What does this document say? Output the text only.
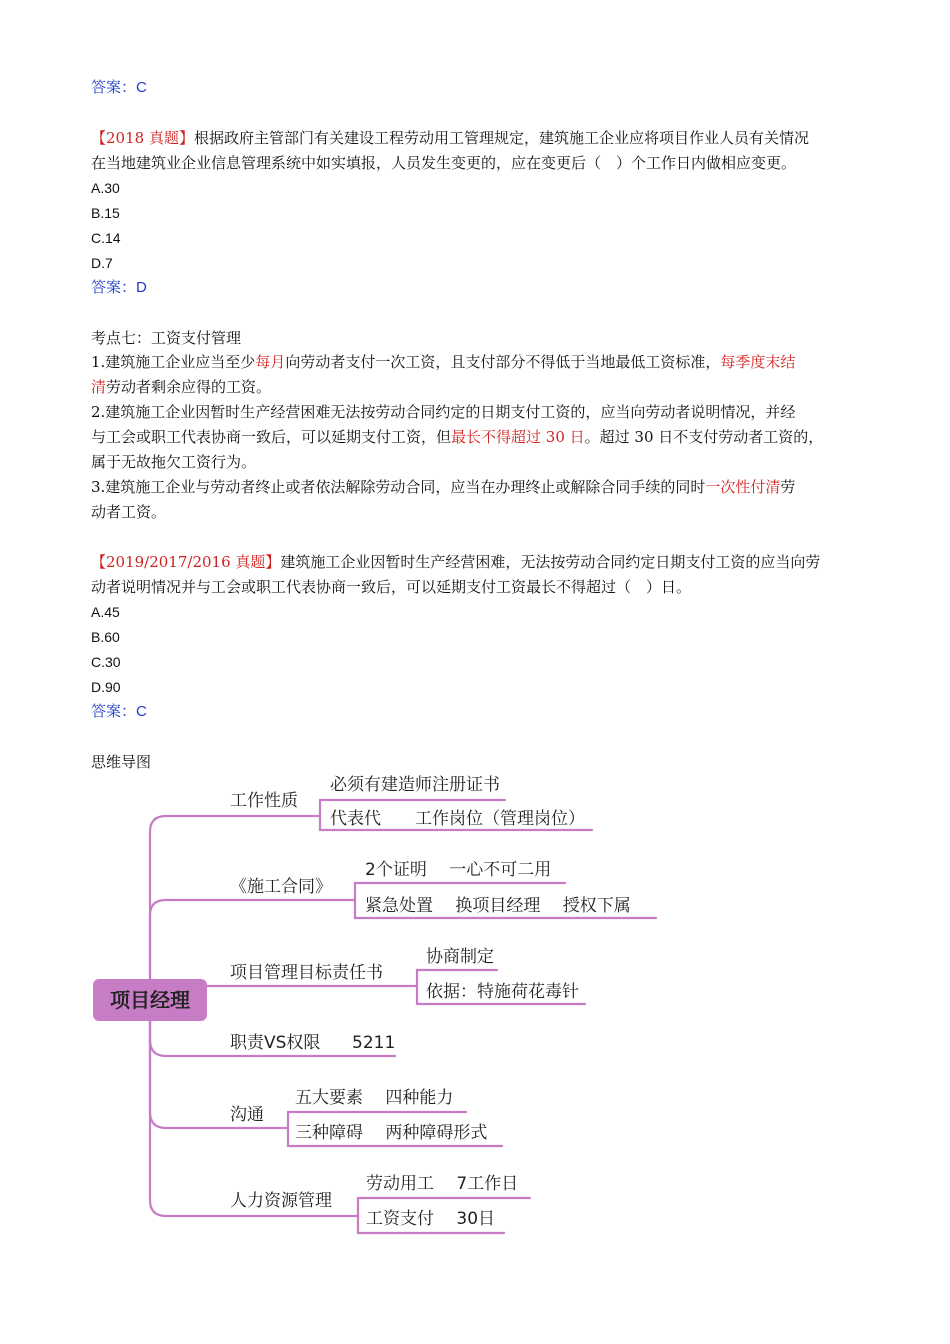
答案：C
【2018 真题】根据政府主管部门有关建设工程劳动用工管理规定，建筑施工企业应将项目作业人员有关情况
在当地建筑业企业信息管理系统中如实填报，人员发生变更的，应在变更后（　）个工作日内做相应变更。
A.30
B.15
C.14
D.7
答案：D
考点七：工资支付管理
1.建筑施工企业应当至少每月向劳动者支付一次工资，且支付部分不得低于当地最低工资标准，每季度末结
清劳动者剩余应得的工资。
2.建筑施工企业因暂时生产经营困难无法按劳动合同约定的日期支付工资的，应当向劳动者说明情况，并经
与工会或职工代表协商一致后，可以延期支付工资，但最长不得超过 30 日。超过 30 日不支付劳动者工资的，
属于无故拖欠工资行为。
3.建筑施工企业与劳动者终止或者依法解除劳动合同，应当在办理终止或解除合同手续的同时一次性付清劳
动者工资。
【2019/2017/2016 真题】建筑施工企业因暂时生产经营困难，无法按劳动合同约定日期支付工资的应当向劳
动者说明情况并与工会或职工代表协商一致后，可以延期支付工资最长不得超过（　）日。
A.45
B.60
C.30
D.90
答案：C
思维导图
项目经理
工作性质
必须有建造师注册证书
代表代　　工作岗位（管理岗位）
《施工合同》
2个证明　 一心不可二用
紧急处置　 换项目经理　 授权下属
项目管理目标责任书
协商制定
依据：特施荷花毒针
职责VS权限 5211
沟通
五大要素　 四种能力
三种障碍　 两种障碍形式
人力资源管理
劳动用工　 7工作日
工资支付　 30日
